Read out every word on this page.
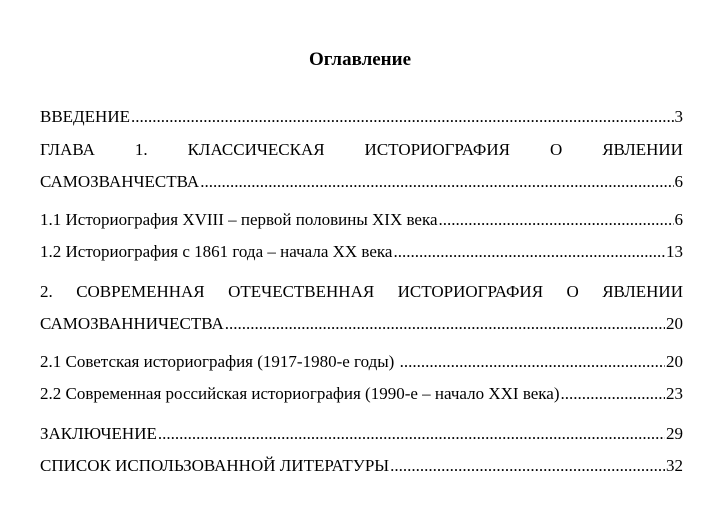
Оглавление
ВВЕДЕНИЕ .....	3
ГЛАВА 1. КЛАССИЧЕСКАЯ ИСТОРИОГРАФИЯ О ЯВЛЕНИИ
САМОЗВАНЧЕСТВА .....	6
1.1 Историография XVIII – первой половины XIX века .....	6
1.2 Историография с 1861 года – начала XX века .....	13
2. СОВРЕМЕННАЯ ОТЕЧЕСТВЕННАЯ ИСТОРИОГРАФИЯ О ЯВЛЕНИИ
САМОЗВАННИЧЕСТВА .....	20
2.1 Советская историография (1917-1980-е годы) .....	20
2.2 Современная российская историография (1990-е – начало XXI века) .....	23
ЗАКЛЮЧЕНИЕ .....	29
СПИСОК ИСПОЛЬЗОВАННОЙ ЛИТЕРАТУРЫ .....	32
